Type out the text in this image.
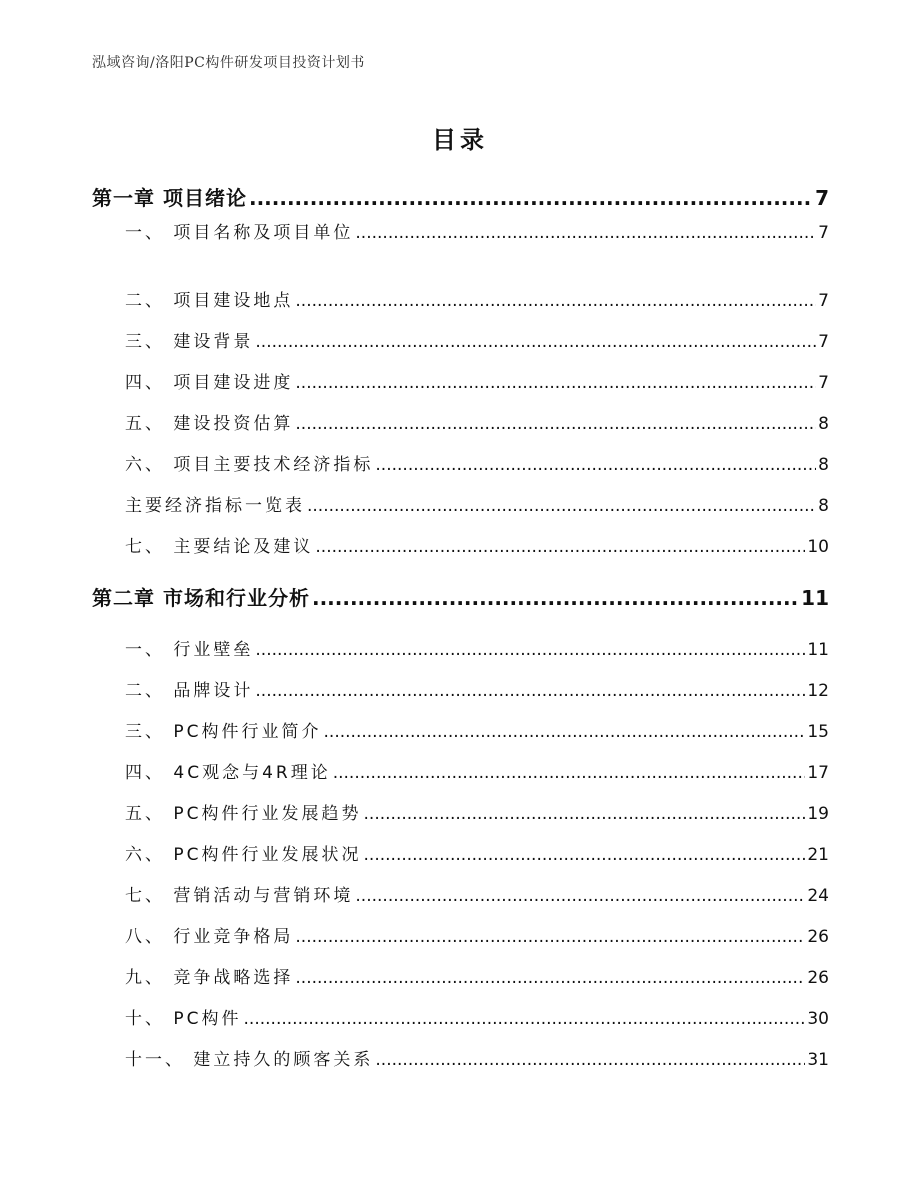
泓域咨询/洛阳PC构件研发项目投资计划书
目录
第一章 项目绪论 .....	7
一、 项目名称及项目单位 .....	7
二、 项目建设地点 .....	7
三、 建设背景 .....	7
四、 项目建设进度 .....	7
五、 建设投资估算 .....	8
六、 项目主要技术经济指标 .....	8
主要经济指标一览表 .....	8
七、 主要结论及建议 .....	10
第二章 市场和行业分析 .....	11
一、 行业壁垒 .....	11
二、 品牌设计 .....	12
三、 PC构件行业简介 .....	15
四、 4C观念与4R理论 .....	17
五、 PC构件行业发展趋势 .....	19
六、 PC构件行业发展状况 .....	21
七、 营销活动与营销环境 .....	24
八、 行业竞争格局 .....	26
九、 竞争战略选择 .....	26
十、 PC构件 .....	30
十一、 建立持久的顾客关系 .....	31
